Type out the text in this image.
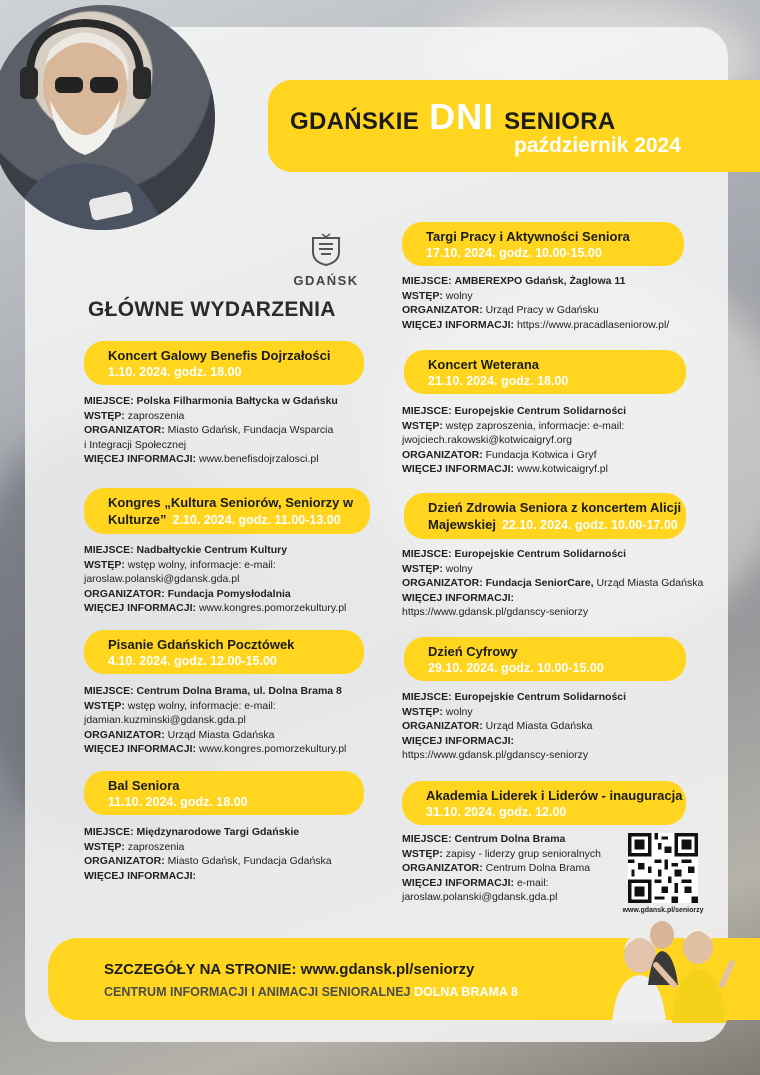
GDAŃSKIE DNI SENIORA
październik 2024
GDAŃSK
GŁÓWNE WYDARZENIA
Koncert Galowy Benefis Dojrzałości
1.10. 2024. godz. 18.00
MIEJSCE: Polska Filharmonia Bałtycka w Gdańsku
WSTĘP: zaproszenia
ORGANIZATOR: Miasto Gdańsk, Fundacja Wsparcia
i Integracji Społecznej
WIĘCEJ INFORMACJI: www.benefisdojrzalosci.pl
Kongres „Kultura Seniorów, Seniorzy w
Kulturze” 2.10. 2024. godz. 11.00-13.00
MIEJSCE: Nadbałtyckie Centrum Kultury
WSTĘP: wstęp wolny, informacje: e-mail:
jaroslaw.polanski@gdansk.gda.pl
ORGANIZATOR: Fundacja Pomysłodalnia
WIĘCEJ INFORMACJI: www.kongres.pomorzekultury.pl
Pisanie Gdańskich Pocztówek
4.10. 2024. godz. 12.00-15.00
MIEJSCE: Centrum Dolna Brama, ul. Dolna Brama 8
WSTĘP: wstęp wolny, informacje: e-mail:
jdamian.kuzminski@gdansk.gda.pl
ORGANIZATOR: Urząd Miasta Gdańska
WIĘCEJ INFORMACJI: www.kongres.pomorzekultury.pl
Bal Seniora
11.10. 2024. godz. 18.00
MIEJSCE: Międzynarodowe Targi Gdańskie
WSTĘP: zaproszenia
ORGANIZATOR: Miasto Gdańsk, Fundacja Gdańska
WIĘCEJ INFORMACJI:
Targi Pracy i Aktywności Seniora
17.10. 2024. godz. 10.00-15.00
MIEJSCE: AMBEREXPO Gdańsk, Żaglowa 11
WSTĘP: wolny
ORGANIZATOR: Urząd Pracy w Gdańsku
WIĘCEJ INFORMACJI: https://www.pracadlaseniorow.pl/
Koncert Weterana
21.10. 2024. godz. 18.00
MIEJSCE: Europejskie Centrum Solidarności
WSTĘP: wstęp zaproszenia, informacje: e-mail:
jwojciech.rakowski@kotwicaigryf.org
ORGANIZATOR: Fundacja Kotwica i Gryf
WIĘCEJ INFORMACJI: www.kotwicaigryf.pl
Dzień Zdrowia Seniora z koncertem Alicji
Majewskiej 22.10. 2024. godz. 10.00-17.00
MIEJSCE: Europejskie Centrum Solidarności
WSTĘP: wolny
ORGANIZATOR: Fundacja SeniorCare, Urząd Miasta Gdańska
WIĘCEJ INFORMACJI:
https://www.gdansk.pl/gdanscy-seniorzy
Dzień Cyfrowy
29.10. 2024. godz. 10.00-15.00
MIEJSCE: Europejskie Centrum Solidarności
WSTĘP: wolny
ORGANIZATOR: Urząd Miasta Gdańska
WIĘCEJ INFORMACJI:
https://www.gdansk.pl/gdanscy-seniorzy
Akademia Liderek i Liderów - inauguracja
31.10. 2024. godz. 12.00
MIEJSCE: Centrum Dolna Brama
WSTĘP: zapisy - liderzy grup senioralnych
ORGANIZATOR: Centrum Dolna Brama
WIĘCEJ INFORMACJI: e-mail:
jaroslaw.polanski@gdansk.gda.pl
www.gdansk.pl/seniorzy
SZCZEGÓŁY NA STRONIE: www.gdansk.pl/seniorzy
CENTRUM INFORMACJI I ANIMACJI SENIORALNEJ DOLNA BRAMA 8
